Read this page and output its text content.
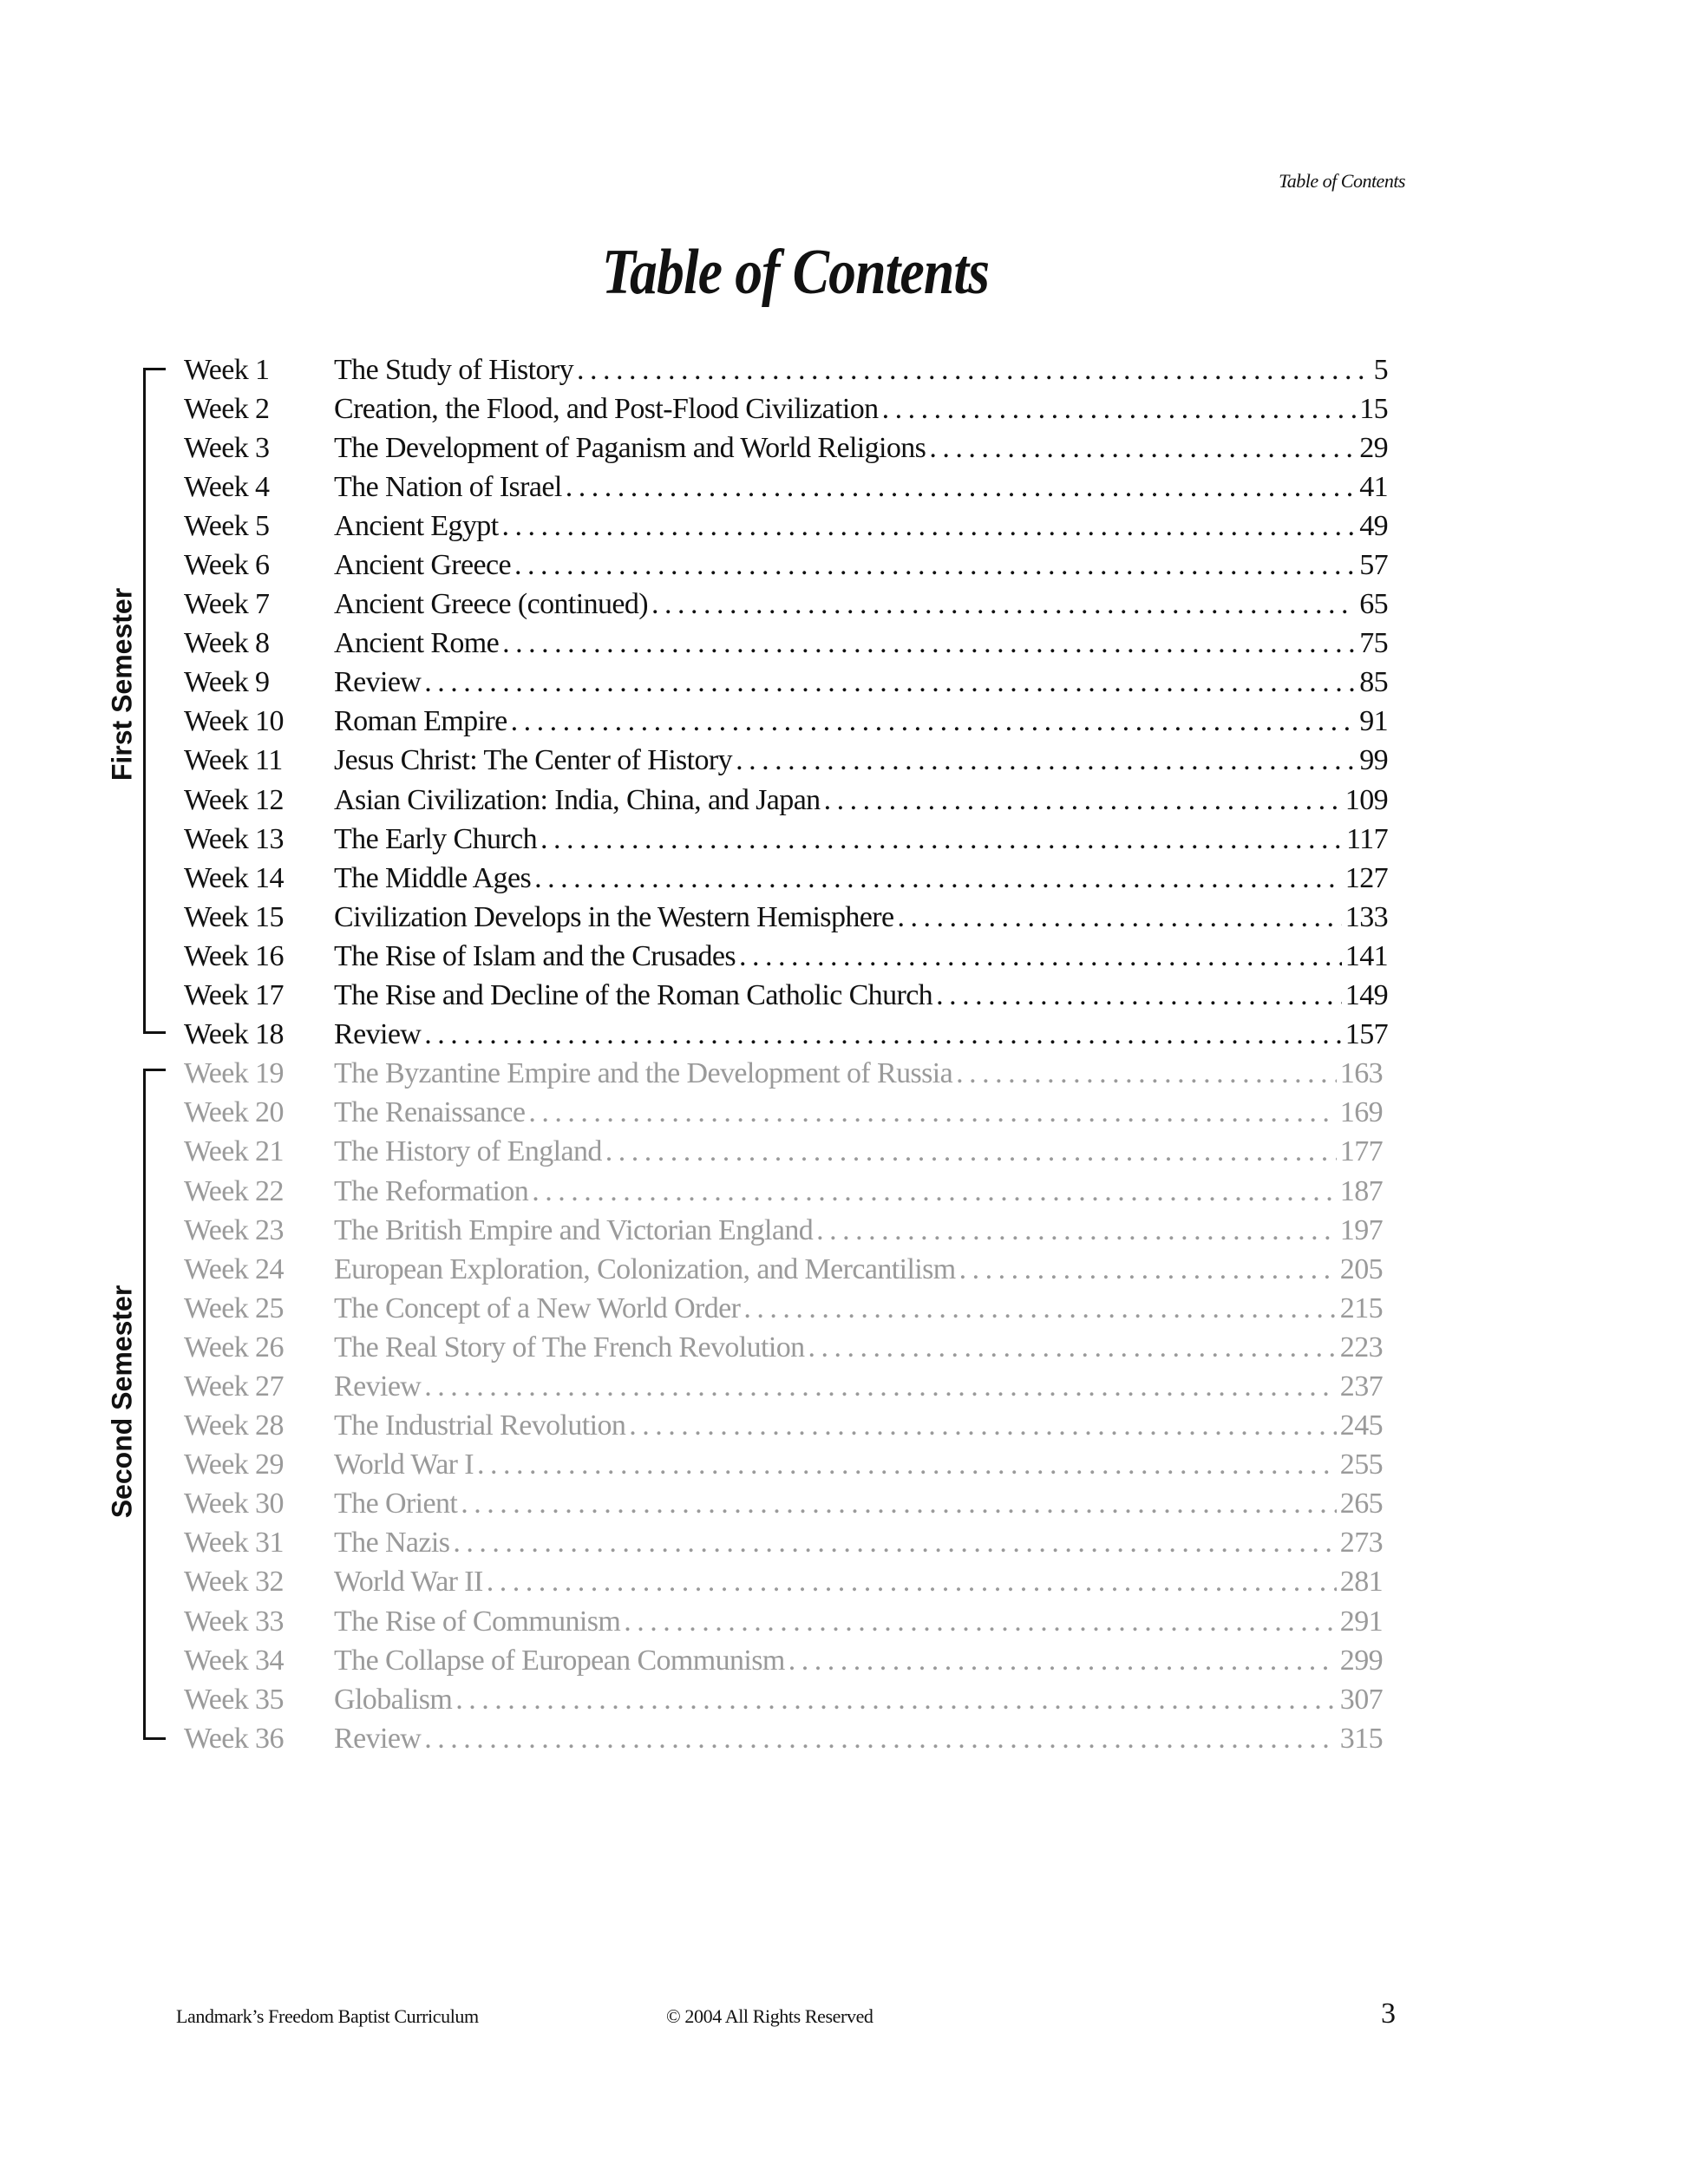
Table of Contents
Table of Contents
First Semester
Second Semester
Week 1	The Study of History . . .	5
Week 2	Creation, the Flood, and Post-Flood Civilization . . .	15
Week 3	The Development of Paganism and World Religions . . .	29
Week 4	The Nation of Israel . . .	41
Week 5	Ancient Egypt . . .	49
Week 6	Ancient Greece . . .	57
Week 7	Ancient Greece (continued) . . .	65
Week 8	Ancient Rome . . .	75
Week 9	Review . . .	85
Week 10	Roman Empire . . .	91
Week 11	Jesus Christ: The Center of History . . .	99
Week 12	Asian Civilization: India, China, and Japan . . .	109
Week 13	The Early Church . . .	117
Week 14	The Middle Ages . . .	127
Week 15	Civilization Develops in the Western Hemisphere . . .	133
Week 16	The Rise of Islam and the Crusades . . .	141
Week 17	The Rise and Decline of the Roman Catholic Church . . .	149
Week 18	Review . . .	157
Week 19	The Byzantine Empire and the Development of Russia . . .	163
Week 20	The Renaissance . . .	169
Week 21	The History of England . . .	177
Week 22	The Reformation . . .	187
Week 23	The British Empire and Victorian England . . .	197
Week 24	European Exploration, Colonization, and Mercantilism . . .	205
Week 25	The Concept of a New World Order . . .	215
Week 26	The Real Story of The French Revolution . . .	223
Week 27	Review . . .	237
Week 28	The Industrial Revolution . . .	245
Week 29	World War I . . .	255
Week 30	The Orient . . .	265
Week 31	The Nazis . . .	273
Week 32	World War II . . .	281
Week 33	The Rise of Communism . . .	291
Week 34	The Collapse of European Communism . . .	299
Week 35	Globalism . . .	307
Week 36	Review . . .	315
Landmark’s Freedom Baptist Curriculum	© 2004 All Rights Reserved	3
